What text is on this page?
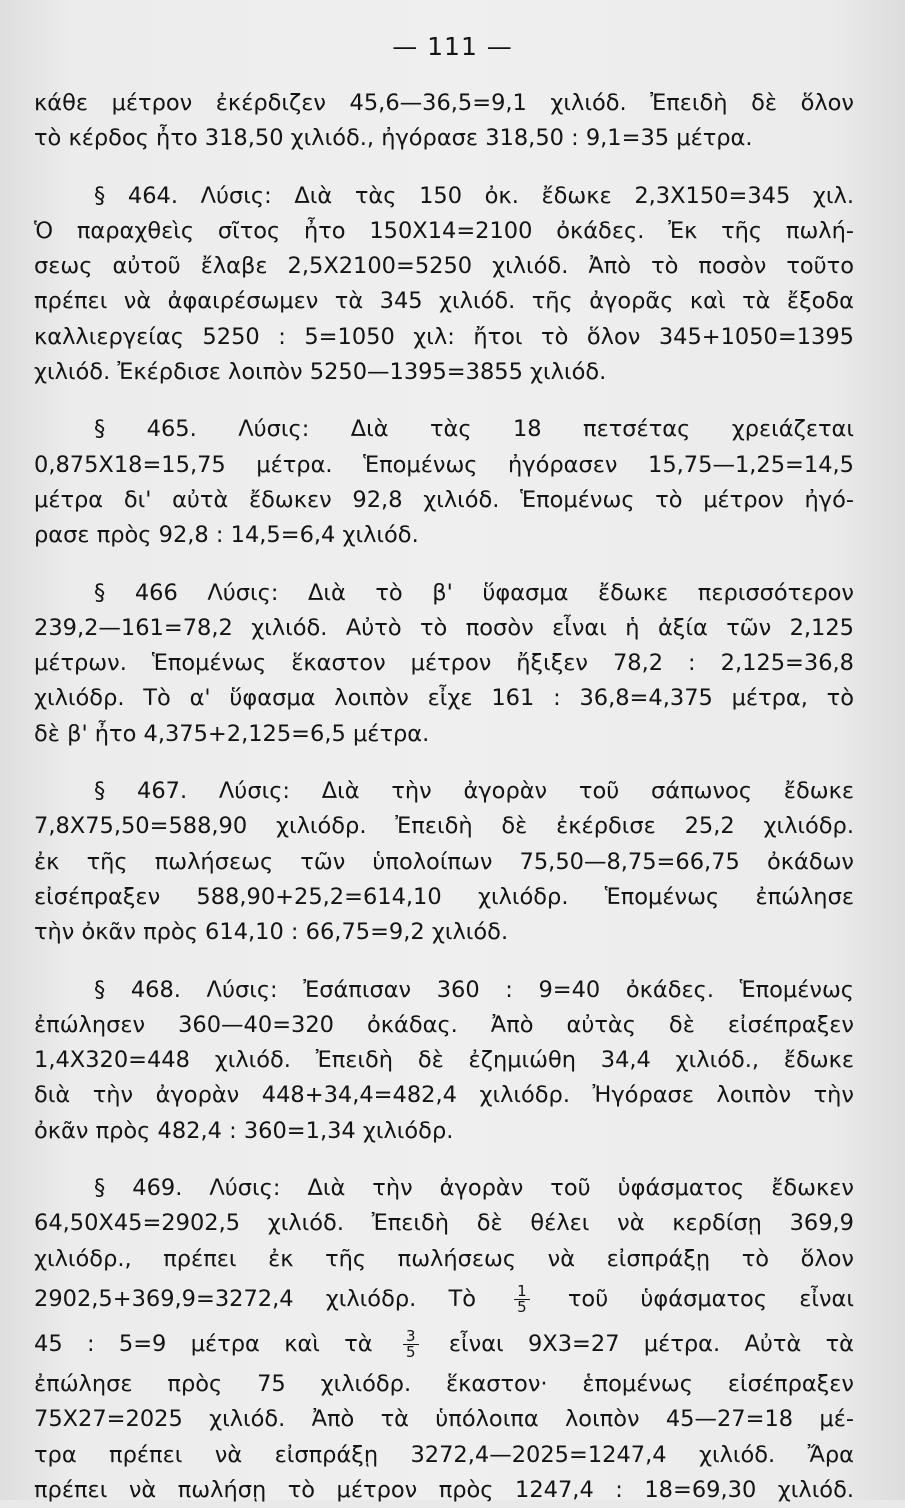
— 111 —

κάθε μέτρον ἐκέρδιζεν 45,6—36,5=9,1 χιλιόδ. Ἐπειδὴ δὲ ὅλον
τὸ κέρδος ἦτο 318,50 χιλιόδ., ἠγόρασε 318,50 : 9,1=35 μέτρα.

§ 464. Λύσις: Διὰ τὰς 150 ὀκ. ἔδωκε 2,3X150=345 χιλ.
Ὁ παραχθεὶς σῖτος ἦτο 150X14=2100 ὀκάδες. Ἐκ τῆς πωλή-
σεως αὐτοῦ ἔλαβε 2,5X2100=5250 χιλιόδ. Ἀπὸ τὸ ποσὸν τοῦτο
πρέπει νὰ ἀφαιρέσωμεν τὰ 345 χιλιόδ. τῆς ἀγορᾶς καὶ τὰ ἔξοδα
καλλιεργείας 5250 : 5=1050 χιλ: ἤτοι τὸ ὅλον 345+1050=1395
χιλιόδ. Ἐκέρδισε λοιπὸν 5250—1395=3855 χιλιόδ.

§ 465. Λύσις: Διὰ τὰς 18 πετσέτας χρειάζεται
0,875X18=15,75 μέτρα. Ἑπομένως ἠγόρασεν 15,75—1,25=14,5
μέτρα δι' αὐτὰ ἔδωκεν 92,8 χιλιόδ. Ἑπομένως τὸ μέτρον ἠγό-
ρασε πρὸς 92,8 : 14,5=6,4 χιλιόδ.

§ 466 Λύσις: Διὰ τὸ β' ὕφασμα ἔδωκε περισσότερον
239,2—161=78,2 χιλιόδ. Αὐτὸ τὸ ποσὸν εἶναι ἡ ἀξία τῶν 2,125
μέτρων. Ἑπομένως ἕκαστον μέτρον ἤξιξεν 78,2 : 2,125=36,8
χιλιόδρ. Τὸ α' ὕφασμα λοιπὸν εἶχε 161 : 36,8=4,375 μέτρα, τὸ
δὲ β' ἦτο 4,375+2,125=6,5 μέτρα.

§ 467. Λύσις: Διὰ τὴν ἀγορὰν τοῦ σάπωνος ἔδωκε
7,8X75,50=588,90 χιλιόδρ. Ἐπειδὴ δὲ ἐκέρδισε 25,2 χιλιόδρ.
ἐκ τῆς πωλήσεως τῶν ὑπολοίπων 75,50—8,75=66,75 ὀκάδων
εἰσέπραξεν 588,90+25,2=614,10 χιλιόδρ. Ἑπομένως ἐπώλησε
τὴν ὀκᾶν πρὸς 614,10 : 66,75=9,2 χιλιόδ.

§ 468. Λύσις: Ἐσάπισαν 360 : 9=40 ὀκάδες. Ἑπομένως
ἐπώλησεν 360—40=320 ὀκάδας. Ἀπὸ αὐτὰς δὲ εἰσέπραξεν
1,4X320=448 χιλιόδ. Ἐπειδὴ δὲ ἐζημιώθη 34,4 χιλιόδ., ἔδωκε
διὰ τὴν ἀγορὰν 448+34,4=482,4 χιλιόδρ. Ἠγόρασε λοιπὸν τὴν
ὀκᾶν πρὸς 482,4 : 360=1,34 χιλιόδρ.

§ 469. Λύσις: Διὰ τὴν ἀγορὰν τοῦ ὑφάσματος ἔδωκεν
64,50X45=2902,5 χιλιόδ. Ἐπειδὴ δὲ θέλει νὰ κερδίσῃ 369,9
χιλιόδρ., πρέπει ἐκ τῆς πωλήσεως νὰ εἰσπράξῃ τὸ ὅλον
2902,5+369,9=3272,4 χιλιόδρ. Τὸ	$\frac{1}{5}$ τοῦ ὑφάσματος εἶναι
45 : 5=9 μέτρα καὶ τὰ $\frac{3}{5}$ εἶναι 9X3=27 μέτρα. Αὐτὰ τὰ
ἐπώλησε πρὸς 75 χιλιόδρ. ἕκαστον· ἑπομένως εἰσέπραξεν
75X27=2025 χιλιόδ. Ἀπὸ τὰ ὑπόλοιπα λοιπὸν 45—27=18 μέ-
τρα πρέπει νὰ εἰσπράξῃ 3272,4—2025=1247,4 χιλιόδ. Ἄρα
πρέπει νὰ πωλήσῃ τὸ μέτρον πρὸς 1247,4 : 18=69,30 χιλιόδ.
